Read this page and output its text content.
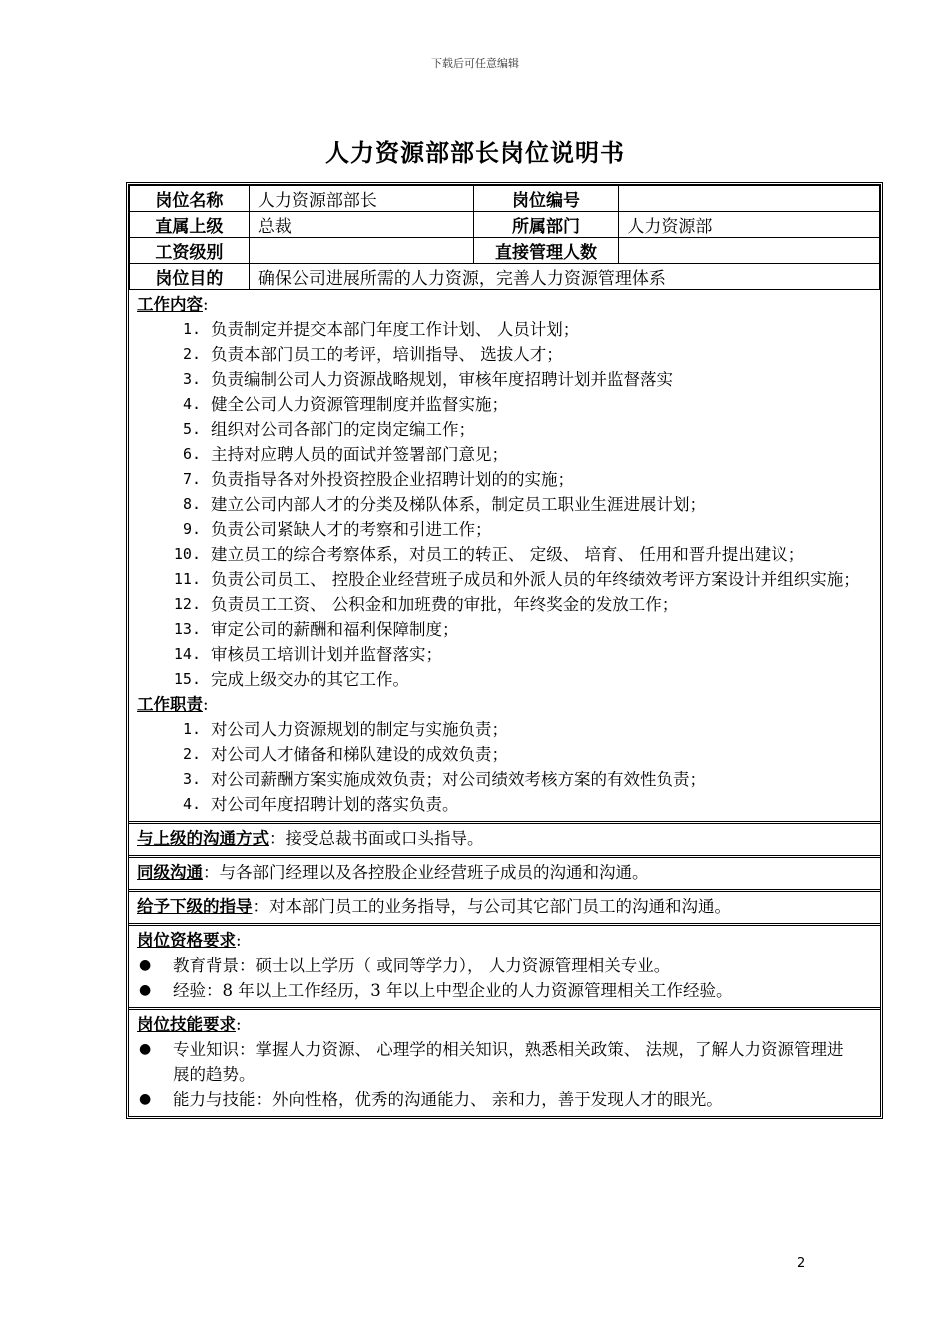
下载后可任意编辑
人力资源部部长岗位说明书
岗位名称	人力资源部部长	岗位编号	
直属上级	总裁	所属部门	人力资源部
工资级别		直接管理人数	
岗位目的	确保公司进展所需的人力资源，完善人力资源管理体系		
工作内容:
1. 负责制定并提交本部门年度工作计划、 人员计划；
2. 负责本部门员工的考评，培训指导、 选拔人才；
3. 负责编制公司人力资源战略规划，审核年度招聘计划并监督落实
4. 健全公司人力资源管理制度并监督实施；
5. 组织对公司各部门的定岗定编工作；
6. 主持对应聘人员的面试并签署部门意见；
7. 负责指导各对外投资控股企业招聘计划的的实施；
8. 建立公司内部人才的分类及梯队体系，制定员工职业生涯进展计划；
9. 负责公司紧缺人才的考察和引进工作；
10. 建立员工的综合考察体系，对员工的转正、 定级、 培育、 任用和晋升提出建议；
11. 负责公司员工、 控股企业经营班子成员和外派人员的年终绩效考评方案设计并组织实施；
12. 负责员工工资、 公积金和加班费的审批，年终奖金的发放工作；
13. 审定公司的薪酬和福利保障制度；
14. 审核员工培训计划并监督落实；
15. 完成上级交办的其它工作。
工作职责:
1. 对公司人力资源规划的制定与实施负责；
2. 对公司人才储备和梯队建设的成效负责；
3. 对公司薪酬方案实施成效负责；对公司绩效考核方案的有效性负责；
4. 对公司年度招聘计划的落实负责。
与上级的沟通方式：接受总裁书面或口头指导。
同级沟通：与各部门经理以及各控股企业经营班子成员的沟通和沟通。
给予下级的指导：对本部门员工的业务指导，与公司其它部门员工的沟通和沟通。
岗位资格要求:
●	教育背景：硕士以上学历（ 或同等学力）， 人力资源管理相关专业。
●	经验：8 年以上工作经历，3 年以上中型企业的人力资源管理相关工作经验。
岗位技能要求:
●	专业知识：掌握人力资源、 心理学的相关知识，熟悉相关政策、 法规，了解人力资源管理进展的趋势。
●	能力与技能：外向性格，优秀的沟通能力、 亲和力，善于发现人才的眼光。
2
